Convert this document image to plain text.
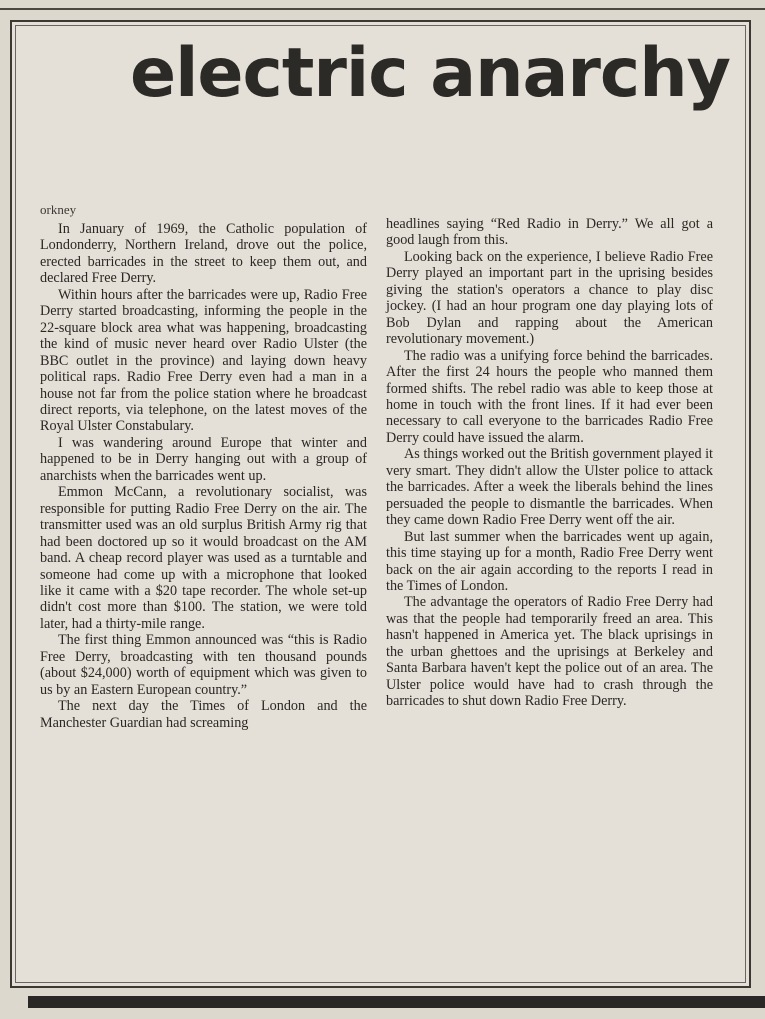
electric anarchy
orkney

In January of 1969, the Catholic population of Londonderry, Northern Ireland, drove out the police, erected barricades in the street to keep them out, and declared Free Derry.

Within hours after the barricades were up, Radio Free Derry started broadcasting, informing the people in the 22-square block area what was happening, broadcasting the kind of music never heard over Radio Ulster (the BBC outlet in the province) and laying down heavy political raps. Radio Free Derry even had a man in a house not far from the police station where he broadcast direct reports, via telephone, on the latest moves of the Royal Ulster Constabulary.

I was wandering around Europe that winter and happened to be in Derry hanging out with a group of anarchists when the barricades went up.

Emmon McCann, a revolutionary socialist, was responsible for putting Radio Free Derry on the air. The transmitter used was an old surplus British Army rig that had been doctored up so it would broadcast on the AM band. A cheap record player was used as a turntable and someone had come up with a microphone that looked like it came with a $20 tape recorder. The whole set-up didn't cost more than $100. The station, we were told later, had a thirty-mile range.

The first thing Emmon announced was “this is Radio Free Derry, broadcasting with ten thousand pounds (about $24,000) worth of equipment which was given to us by an Eastern European country.”

The next day the Times of London and the Manchester Guardian had screaming

headlines saying “Red Radio in Derry.” We all got a good laugh from this.

Looking back on the experience, I believe Radio Free Derry played an important part in the uprising besides giving the station's operators a chance to play disc jockey. (I had an hour program one day playing lots of Bob Dylan and rapping about the American revolutionary movement.)

The radio was a unifying force behind the barricades. After the first 24 hours the people who manned them formed shifts. The rebel radio was able to keep those at home in touch with the front lines. If it had ever been necessary to call everyone to the barricades Radio Free Derry could have issued the alarm.

As things worked out the British government played it very smart. They didn't allow the Ulster police to attack the barricades. After a week the liberals behind the lines persuaded the people to dismantle the barricades. When they came down Radio Free Derry went off the air.

But last summer when the barricades went up again, this time staying up for a month, Radio Free Derry went back on the air again according to the reports I read in the Times of London.

The advantage the operators of Radio Free Derry had was that the people had temporarily freed an area. This hasn't happened in America yet. The black uprisings in the urban ghettoes and the uprisings at Berkeley and Santa Barbara haven't kept the police out of an area. The Ulster police would have had to crash through the barricades to shut down Radio Free Derry.
